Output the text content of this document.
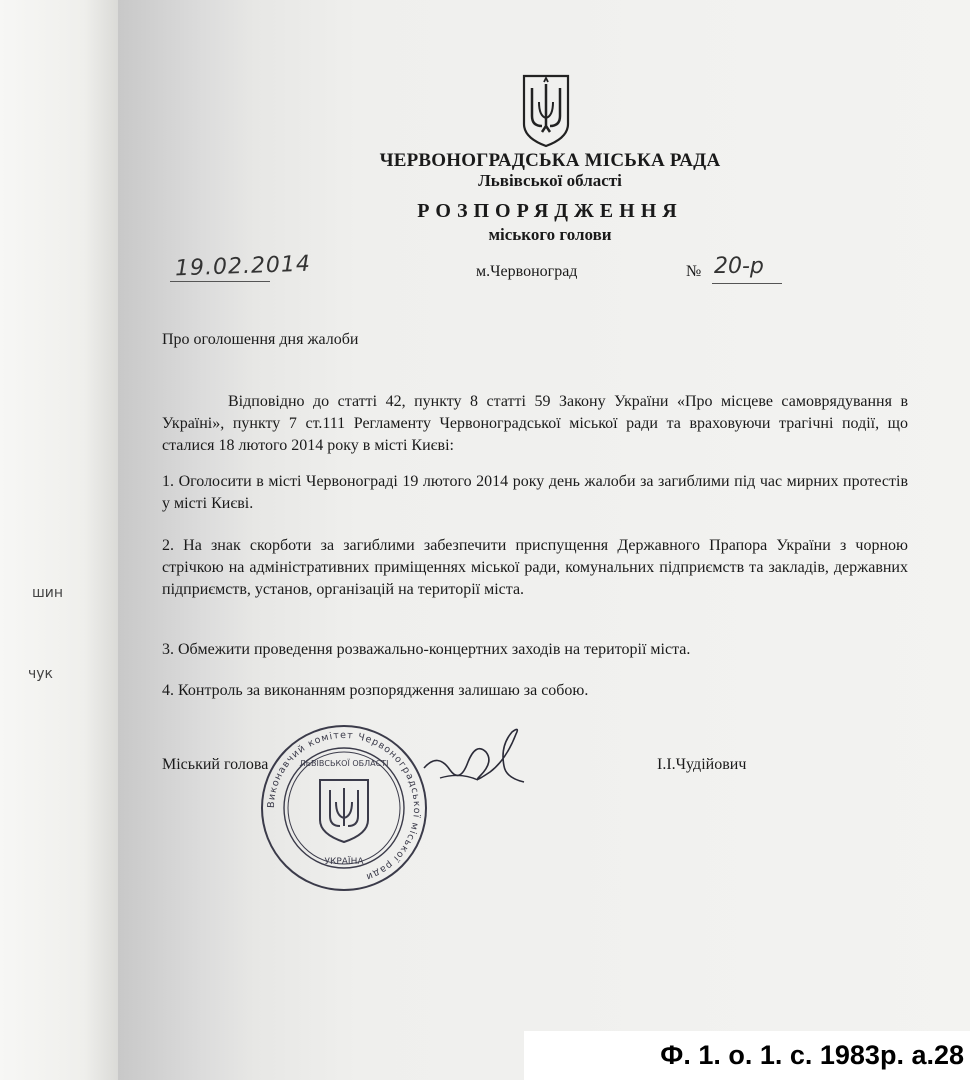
ЧЕРВОНОГРАДСЬКА МІСЬКА РАДА
Львівської області
РОЗПОРЯДЖЕННЯ
міського голови
19.02.2014	м.Червоноград	№ 20-р
Про оголошення дня жалоби
Відповідно до статті 42, пункту 8 статті 59 Закону України «Про місцеве самоврядування в Україні», пункту 7 ст.111 Регламенту Червоноградської міської ради та враховуючи трагічні події, що сталися 18 лютого 2014 року в місті Києві:
1. Оголосити в місті Червонограді 19 лютого 2014 року день жалоби за загиблими під час мирних протестів у місті Києві.
2. На знак скорботи за загиблими забезпечити приспущення Державного Прапора України з чорною стрічкою на адміністративних приміщеннях міської ради, комунальних підприємств та закладів, державних підприємств, установ, організацій на території міста.
3. Обмежити проведення розважально-концертних заходів на території міста.
4. Контроль за виконанням розпорядження залишаю за собою.
шин
чук
Виконавчий комітет Червоноградської міської ради
ЛЬВІВСЬКОЇ ОБЛАСТІ
УКРАЇНА
Міський голова	І.І.Чудійович
Ф. 1. о. 1. с. 1983р. а.28
